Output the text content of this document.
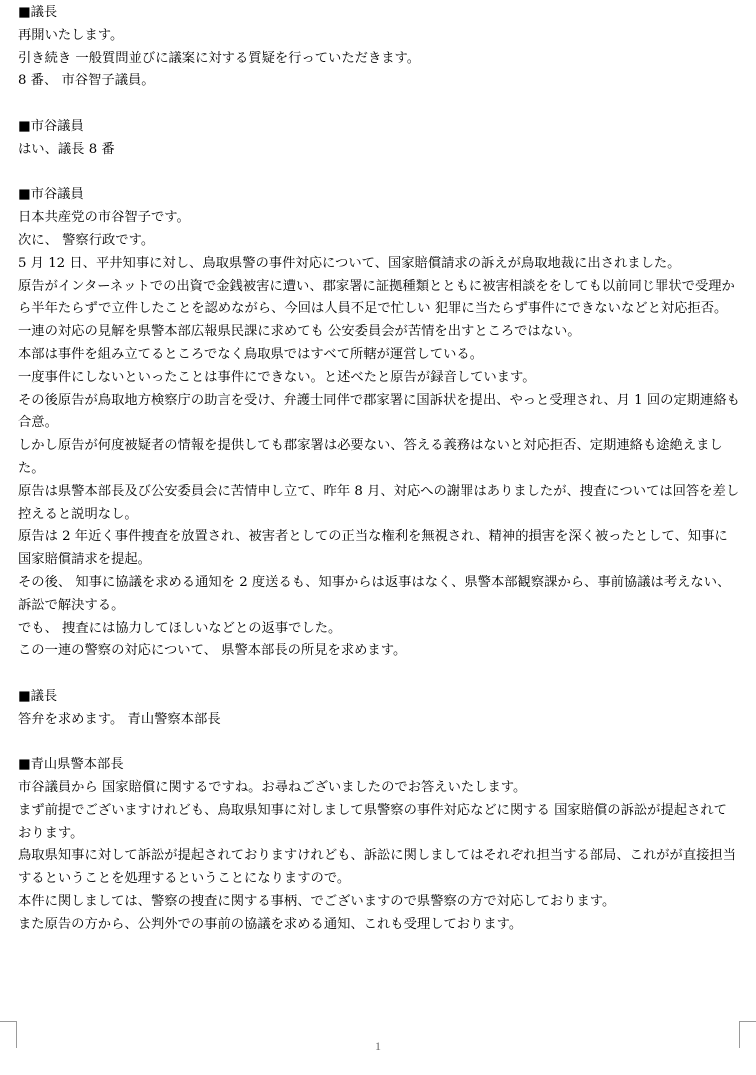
■議長
再開いたします。
引き続き 一般質問並びに議案に対する質疑を行っていただきます。
8 番、 市谷智子議員。
■市谷議員
はい、議長 8 番
■市谷議員
日本共産党の市谷智子です。
次に、 警察行政です。
5 月 12 日、平井知事に対し、鳥取県警の事件対応について、国家賠償請求の訴えが鳥取地裁に出されました。
原告がインターネットでの出資で金銭被害に遭い、郡家署に証拠種類とともに被害相談ををしても以前同じ罪状で受理から半年たらずで立件したことを認めながら、今回は人員不足で忙しい 犯罪に当たらず事件にできないなどと対応拒否。
一連の対応の見解を県警本部広報県民課に求めても 公安委員会が苦情を出すところではない。
本部は事件を組み立てるところでなく鳥取県ではすべて所轄が運営している。
一度事件にしないといったことは事件にできない。と述べたと原告が録音しています。
その後原告が鳥取地方検察庁の助言を受け、弁護士同伴で郡家署に国訴状を提出、やっと受理され、月 1 回の定期連絡も合意。
しかし原告が何度被疑者の情報を提供しても郡家署は必要ない、答える義務はないと対応拒否、定期連絡も途絶えました。
原告は県警本部長及び公安委員会に苦情申し立て、昨年 8 月、対応への謝罪はありましたが、捜査については回答を差し控えると説明なし。
原告は 2 年近く事件捜査を放置され、被害者としての正当な権利を無視され、精神的損害を深く被ったとして、知事に国家賠償請求を提起。
その後、 知事に協議を求める通知を 2 度送るも、知事からは返事はなく、県警本部観察課から、事前協議は考えない、訴訟で解決する。
でも、 捜査には協力してほしいなどとの返事でした。
この一連の警察の対応について、 県警本部長の所見を求めます。
■議長
答弁を求めます。 青山警察本部長
■青山県警本部長
市谷議員から 国家賠償に関するですね。お尋ねございましたのでお答えいたします。
まず前提でございますけれども、鳥取県知事に対しまして県警察の事件対応などに関する 国家賠償の訴訟が提起されております。
鳥取県知事に対して訴訟が提起されておりますけれども、訴訟に関しましてはそれぞれ担当する部局、これがが直接担当するということを処理するということになりますので。
本件に関しましては、警察の捜査に関する事柄、でございますので県警察の方で対応しております。
また原告の方から、公判外での事前の協議を求める通知、これも受理しております。
1
